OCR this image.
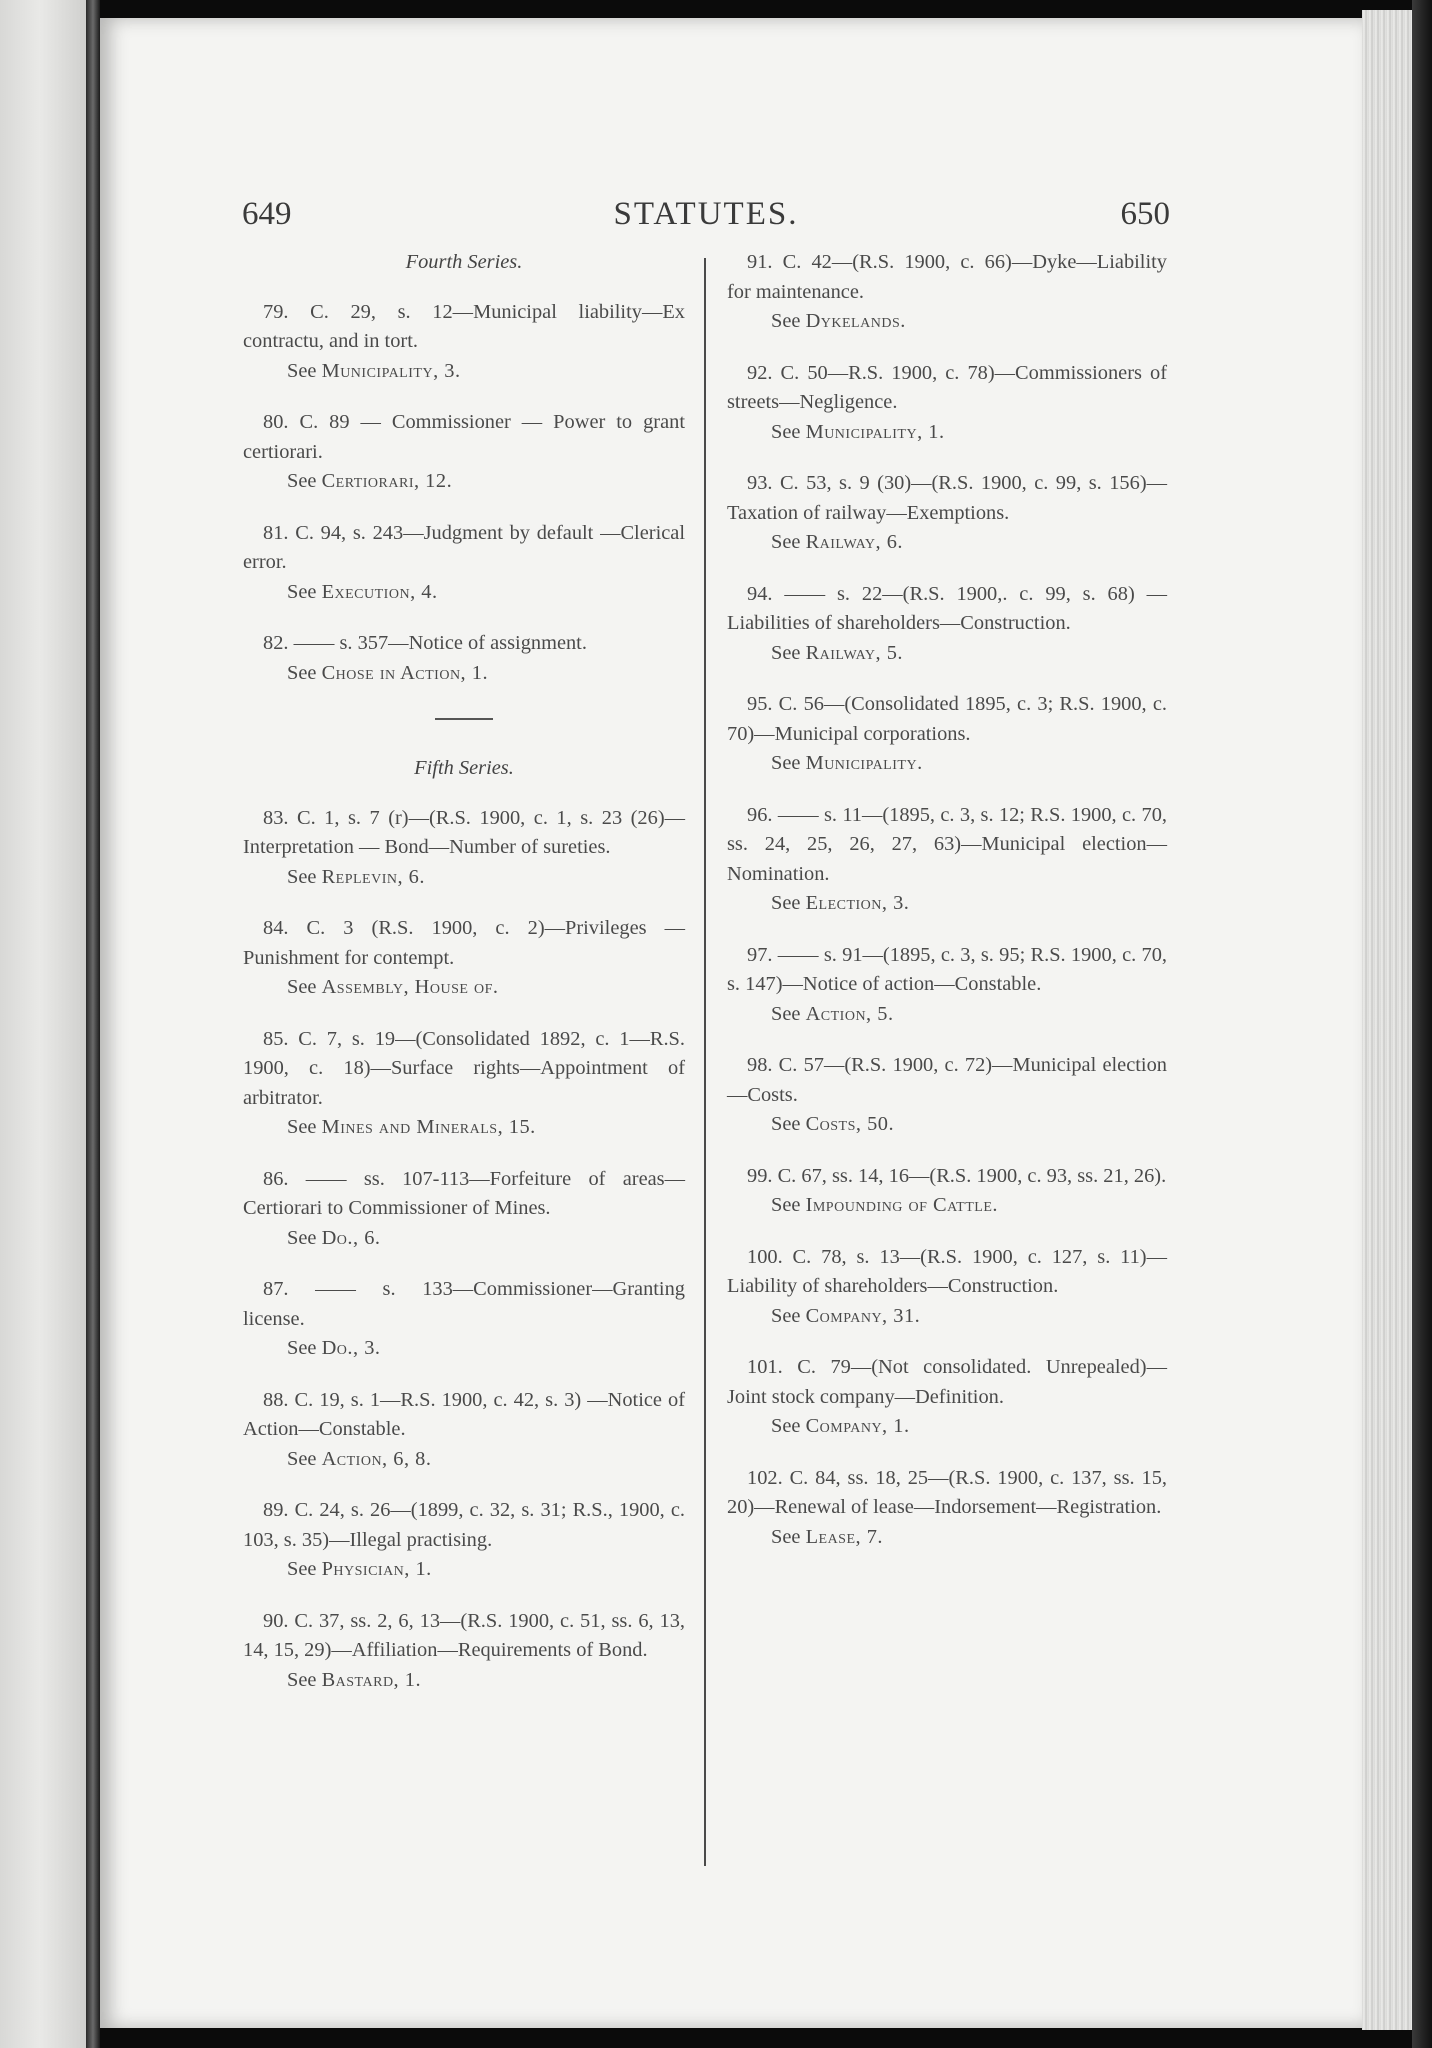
649	STATUTES.	650
Fourth Series.
79. C. 29, s. 12—Municipal liability—Ex contractu, and in tort.
See Municipality, 3.
80. C. 89 — Commissioner — Power to grant certiorari.
See Certiorari, 12.
81. C. 94, s. 243—Judgment by default —Clerical error.
See Execution, 4.
82. —— s. 357—Notice of assignment.
See Chose in Action, 1.
Fifth Series.
83. C. 1, s. 7 (r)—(R.S. 1900, c. 1, s. 23 (26)—Interpretation — Bond—Number of sureties.
See Replevin, 6.
84. C. 3 (R.S. 1900, c. 2)—Privileges —Punishment for contempt.
See Assembly, House of.
85. C. 7, s. 19—(Consolidated 1892, c. 1—R.S. 1900, c. 18)—Surface rights—Appointment of arbitrator.
See Mines and Minerals, 15.
86. —— ss. 107-113—Forfeiture of areas—Certiorari to Commissioner of Mines.
See Do., 6.
87. —— s. 133—Commissioner—Granting license.
See Do., 3.
88. C. 19, s. 1—R.S. 1900, c. 42, s. 3) —Notice of Action—Constable.
See Action, 6, 8.
89. C. 24, s. 26—(1899, c. 32, s. 31; R.S., 1900, c. 103, s. 35)—Illegal practising.
See Physician, 1.
90. C. 37, ss. 2, 6, 13—(R.S. 1900, c. 51, ss. 6, 13, 14, 15, 29)—Affiliation—Requirements of Bond.
See Bastard, 1.
91. C. 42—(R.S. 1900, c. 66)—Dyke—Liability for maintenance.
See Dykelands.
92. C. 50—R.S. 1900, c. 78)—Commissioners of streets—Negligence.
See Municipality, 1.
93. C. 53, s. 9 (30)—(R.S. 1900, c. 99, s. 156)—Taxation of railway—Exemptions.
See Railway, 6.
94. —— s. 22—(R.S. 1900,. c. 99, s. 68) —Liabilities of shareholders—Construction.
See Railway, 5.
95. C. 56—(Consolidated 1895, c. 3; R.S. 1900, c. 70)—Municipal corporations.
See Municipality.
96. —— s. 11—(1895, c. 3, s. 12; R.S. 1900, c. 70, ss. 24, 25, 26, 27, 63)—Municipal election—Nomination.
See Election, 3.
97. —— s. 91—(1895, c. 3, s. 95; R.S. 1900, c. 70, s. 147)—Notice of action—Constable.
See Action, 5.
98. C. 57—(R.S. 1900, c. 72)—Municipal election—Costs.
See Costs, 50.
99. C. 67, ss. 14, 16—(R.S. 1900, c. 93, ss. 21, 26).
See Impounding of Cattle.
100. C. 78, s. 13—(R.S. 1900, c. 127, s. 11)—Liability of shareholders—Construction.
See Company, 31.
101. C. 79—(Not consolidated. Unrepealed)—Joint stock company—Definition.
See Company, 1.
102. C. 84, ss. 18, 25—(R.S. 1900, c. 137, ss. 15, 20)—Renewal of lease—Indorsement—Registration.
See Lease, 7.
